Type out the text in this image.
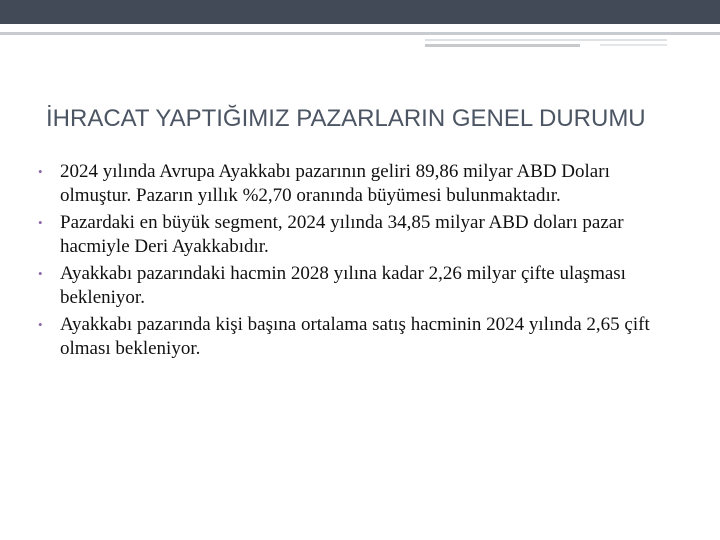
İHRACAT YAPTIĞIMIZ PAZARLARIN GENEL DURUMU
• 2024 yılında Avrupa Ayakkabı pazarının geliri 89,86 milyar ABD Doları olmuştur. Pazarın yıllık %2,70 oranında büyümesi bulunmaktadır.
• Pazardaki en büyük segment, 2024 yılında 34,85 milyar ABD doları pazar hacmiyle Deri Ayakkabıdır.
• Ayakkabı pazarındaki hacmin 2028 yılına kadar 2,26 milyar çifte ulaşması bekleniyor.
• Ayakkabı pazarında kişi başına ortalama satış hacminin 2024 yılında 2,65 çift olması bekleniyor.
